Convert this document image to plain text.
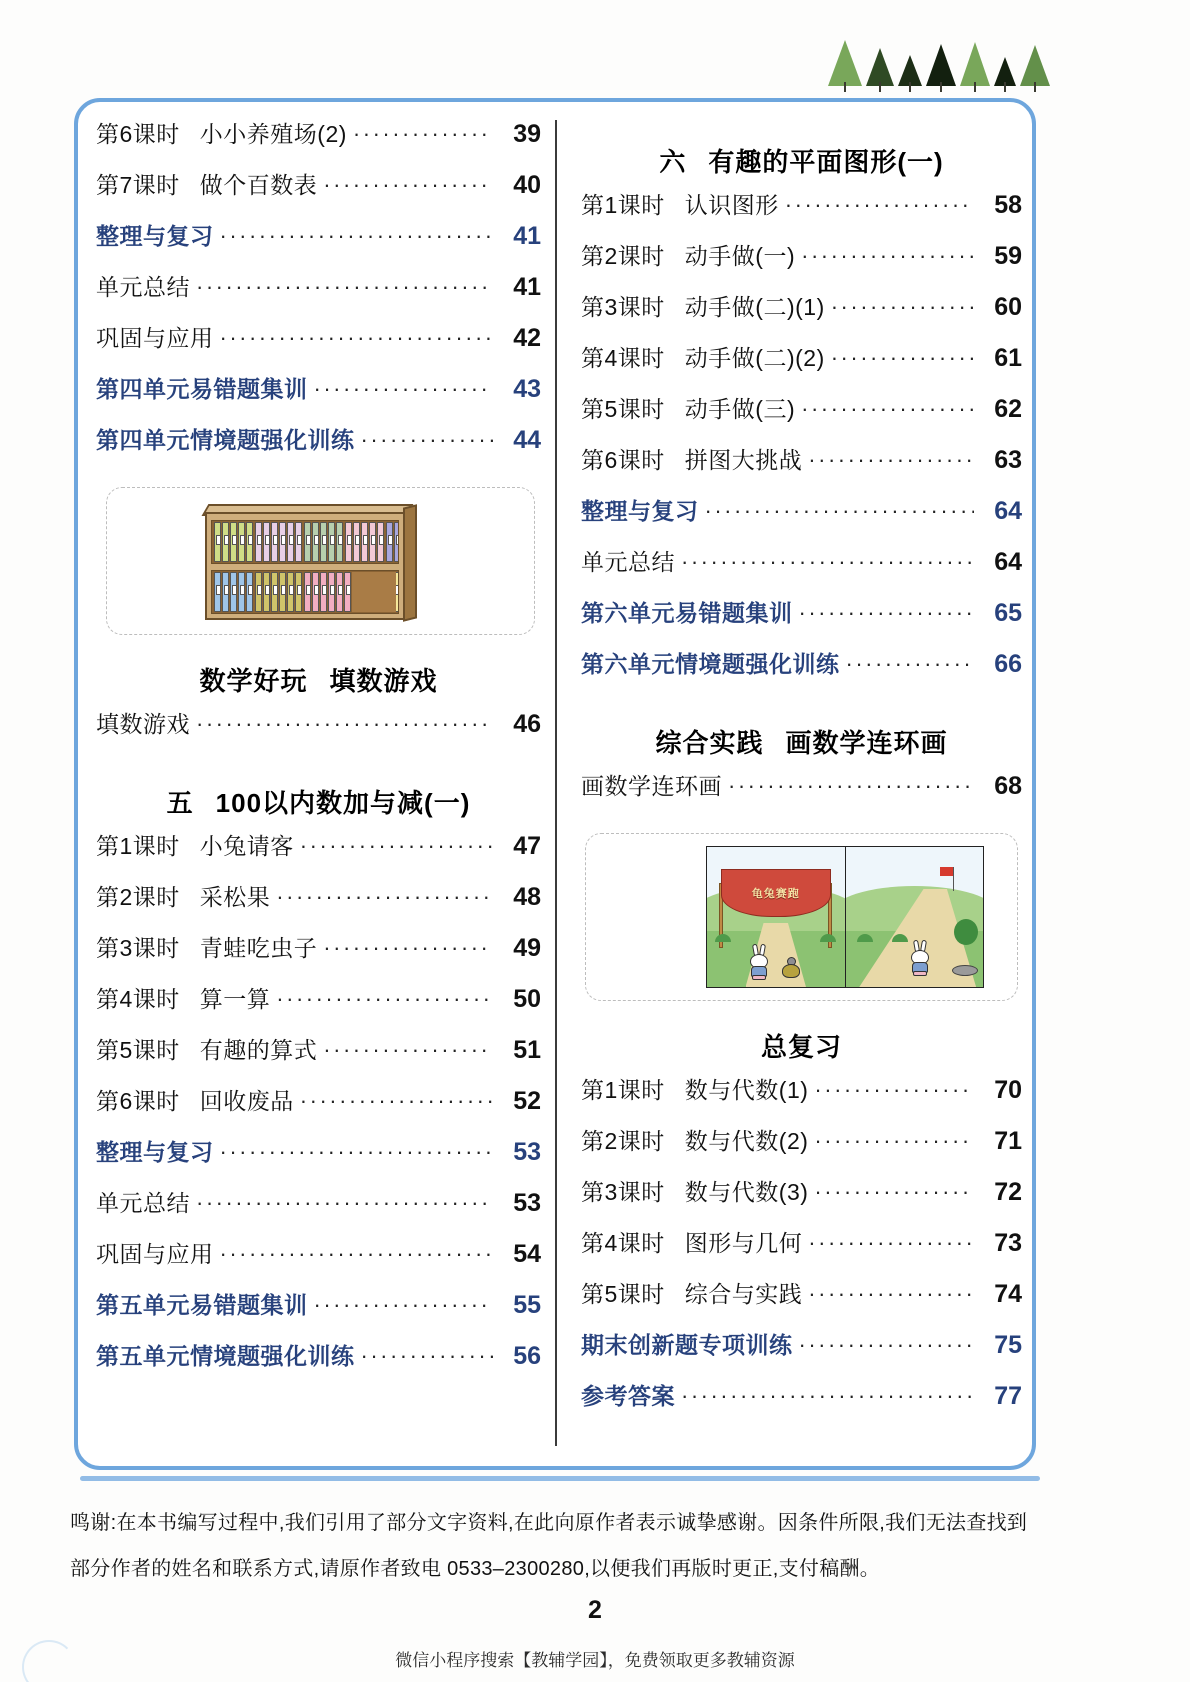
第6课时 小小养殖场(2) ·····	39
第7课时 做个百数表 ·····	40
整理与复习 ·····	41
单元总结 ·····	41
巩固与应用 ·····	42
第四单元易错题集训 ·····	43
第四单元情境题强化训练 ·····	44
数学好玩 填数游戏
填数游戏 ·····	46
五 100以内数加与减(一)
第1课时 小兔请客 ·····	47
第2课时 采松果 ·····	48
第3课时 青蛙吃虫子 ·····	49
第4课时 算一算 ·····	50
第5课时 有趣的算式 ·····	51
第6课时 回收废品 ·····	52
整理与复习 ·····	53
单元总结 ·····	53
巩固与应用 ·····	54
第五单元易错题集训 ·····	55
第五单元情境题强化训练 ·····	56
六 有趣的平面图形(一)
第1课时 认识图形 ·····	58
第2课时 动手做(一) ·····	59
第3课时 动手做(二)(1) ·····	60
第4课时 动手做(二)(2) ·····	61
第5课时 动手做(三) ·····	62
第6课时 拼图大挑战 ·····	63
整理与复习 ·····	64
单元总结 ·····	64
第六单元易错题集训 ·····	65
第六单元情境题强化训练 ·····	66
综合实践 画数学连环画
画数学连环画 ·····	68
龟兔赛跑
总复习
第1课时 数与代数(1) ·····	70
第2课时 数与代数(2) ·····	71
第3课时 数与代数(3) ·····	72
第4课时 图形与几何 ·····	73
第5课时 综合与实践 ·····	74
期末创新题专项训练 ·····	75
参考答案 ·····	77
鸣谢:在本书编写过程中,我们引用了部分文字资料,在此向原作者表示诚挚感谢。因条件所限,我们无法查找到
部分作者的姓名和联系方式,请原作者致电 0533–2300280,以便我们再版时更正,支付稿酬。
2
微信小程序搜索【教辅学园】，免费领取更多教辅资源
